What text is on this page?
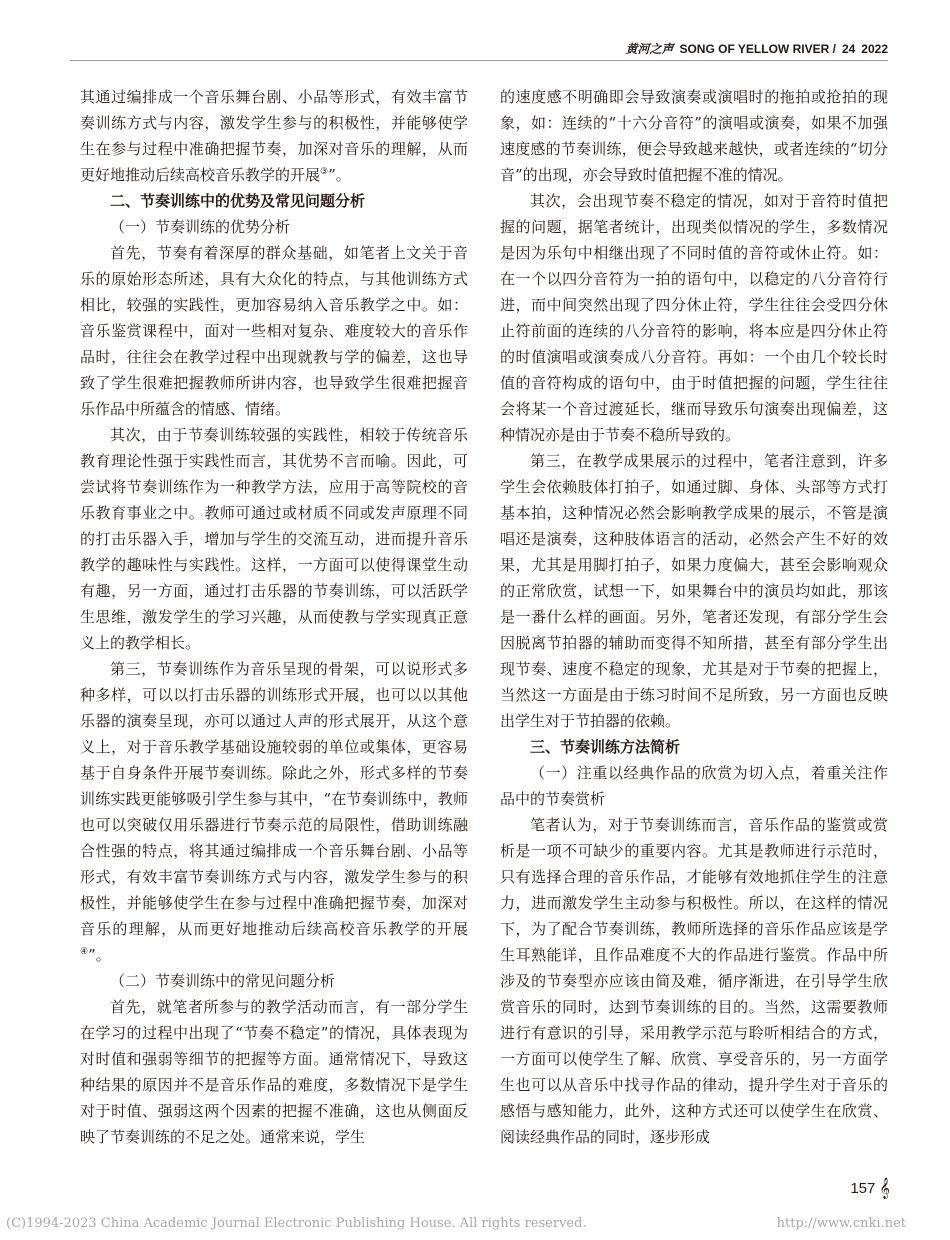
黄河之声 SONG OF YELLOW RIVER / 24 2022

其通过编排成一个音乐舞台剧、小品等形式，有效丰富节奏训练方式与内容，激发学生参与的积极性，并能够使学生在参与过程中准确把握节奏，加深对音乐的理解，从而更好地推动后续高校音乐教学的开展③”。

二、节奏训练中的优势及常见问题分析
（一）节奏训练的优势分析

首先，节奏有着深厚的群众基础，如笔者上文关于音乐的原始形态所述，具有大众化的特点，与其他训练方式相比，较强的实践性，更加容易纳入音乐教学之中。如：音乐鉴赏课程中，面对一些相对复杂、难度较大的音乐作品时，往往会在教学过程中出现就教与学的偏差，这也导致了学生很难把握教师所讲内容，也导致学生很难把握音乐作品中所蕴含的情感、情绪。

其次，由于节奏训练较强的实践性，相较于传统音乐教育理论性强于实践性而言，其优势不言而喻。因此，可尝试将节奏训练作为一种教学方法，应用于高等院校的音乐教育事业之中。教师可通过或材质不同或发声原理不同的打击乐器入手，增加与学生的交流互动，进而提升音乐教学的趣味性与实践性。这样，一方面可以使得课堂生动有趣，另一方面，通过打击乐器的节奏训练，可以活跃学生思维，激发学生的学习兴趣，从而使教与学实现真正意义上的教学相长。

第三，节奏训练作为音乐呈现的骨架，可以说形式多种多样，可以以打击乐器的训练形式开展，也可以以其他乐器的演奏呈现，亦可以通过人声的形式展开，从这个意义上，对于音乐教学基础设施较弱的单位或集体，更容易基于自身条件开展节奏训练。除此之外，形式多样的节奏训练实践更能够吸引学生参与其中，“在节奏训练中，教师也可以突破仅用乐器进行节奏示范的局限性，借助训练融合性强的特点，将其通过编排成一个音乐舞台剧、小品等形式，有效丰富节奏训练方式与内容，激发学生参与的积极性，并能够使学生在参与过程中准确把握节奏，加深对音乐的理解，从而更好地推动后续高校音乐教学的开展④”。

（二）节奏训练中的常见问题分析

首先，就笔者所参与的教学活动而言，有一部分学生在学习的过程中出现了“节奏不稳定”的情况，具体表现为对时值和强弱等细节的把握等方面。通常情况下，导致这种结果的原因并不是音乐作品的难度，多数情况下是学生对于时值、强弱这两个因素的把握不准确，这也从侧面反映了节奏训练的不足之处。通常来说，学生

的速度感不明确即会导致演奏或演唱时的拖拍或抢拍的现象，如：连续的“十六分音符”的演唱或演奏，如果不加强速度感的节奏训练，便会导致越来越快，或者连续的“切分音”的出现，亦会导致时值把握不准的情况。

其次，会出现节奏不稳定的情况，如对于音符时值把握的问题，据笔者统计，出现类似情况的学生，多数情况是因为乐句中相继出现了不同时值的音符或休止符。如：在一个以四分音符为一拍的语句中，以稳定的八分音符行进，而中间突然出现了四分休止符，学生往往会受四分休止符前面的连续的八分音符的影响，将本应是四分休止符的时值演唱或演奏成八分音符。再如：一个由几个较长时值的音符构成的语句中，由于时值把握的问题，学生往往会将某一个音过渡延长，继而导致乐句演奏出现偏差，这种情况亦是由于节奏不稳所导致的。

第三，在教学成果展示的过程中，笔者注意到，许多学生会依赖肢体打拍子，如通过脚、身体、头部等方式打基本拍，这种情况必然会影响教学成果的展示，不管是演唱还是演奏，这种肢体语言的活动，必然会产生不好的效果，尤其是用脚打拍子，如果力度偏大，甚至会影响观众的正常欣赏，试想一下，如果舞台中的演员均如此，那该是一番什么样的画面。另外，笔者还发现，有部分学生会因脱离节拍器的辅助而变得不知所措，甚至有部分学生出现节奏、速度不稳定的现象，尤其是对于节奏的把握上，当然这一方面是由于练习时间不足所致，另一方面也反映出学生对于节拍器的依赖。

三、节奏训练方法简析
（一）注重以经典作品的欣赏为切入点，着重关注作品中的节奏赏析

笔者认为，对于节奏训练而言，音乐作品的鉴赏或赏析是一项不可缺少的重要内容。尤其是教师进行示范时，只有选择合理的音乐作品，才能够有效地抓住学生的注意力，进而激发学生主动参与积极性。所以，在这样的情况下，为了配合节奏训练，教师所选择的音乐作品应该是学生耳熟能详，且作品难度不大的作品进行鉴赏。作品中所涉及的节奏型亦应该由简及难，循序渐进，在引导学生欣赏音乐的同时，达到节奏训练的目的。当然，这需要教师进行有意识的引导，采用教学示范与聆听相结合的方式，一方面可以使学生了解、欣赏、享受音乐的，另一方面学生也可以从音乐中找寻作品的律动，提升学生对于音乐的感悟与感知能力，此外，这种方式还可以使学生在欣赏、阅读经典作品的同时，逐步形成

157 𝄞
(C)1994-2023 China Academic Journal Electronic Publishing House. All rights reserved.	http://www.cnki.net
